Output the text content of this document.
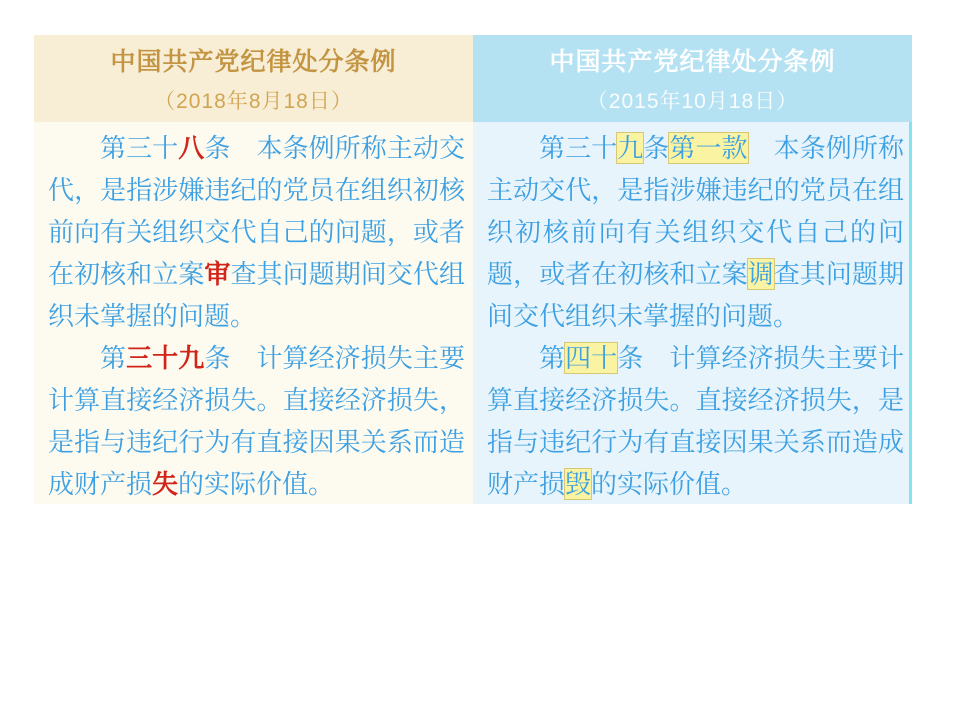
中国共产党纪律处分条例
（2018年8月18日）

第三十八条　本条例所称主动交代，是指涉嫌违纪的党员在组织初核前向有关组织交代自己的问题，或者在初核和立案审查其问题期间交代组织未掌握的问题。

第三十九条　计算经济损失主要计算直接经济损失。直接经济损失，是指与违纪行为有直接因果关系而造成财产损失的实际价值。

中国共产党纪律处分条例
（2015年10月18日）

第三十九条第一款　本条例所称主动交代，是指涉嫌违纪的党员在组织初核前向有关组织交代自己的问题，或者在初核和立案调查其问题期间交代组织未掌握的问题。

第四十条　计算经济损失主要计算直接经济损失。直接经济损失，是指与违纪行为有直接因果关系而造成财产损毁的实际价值。
